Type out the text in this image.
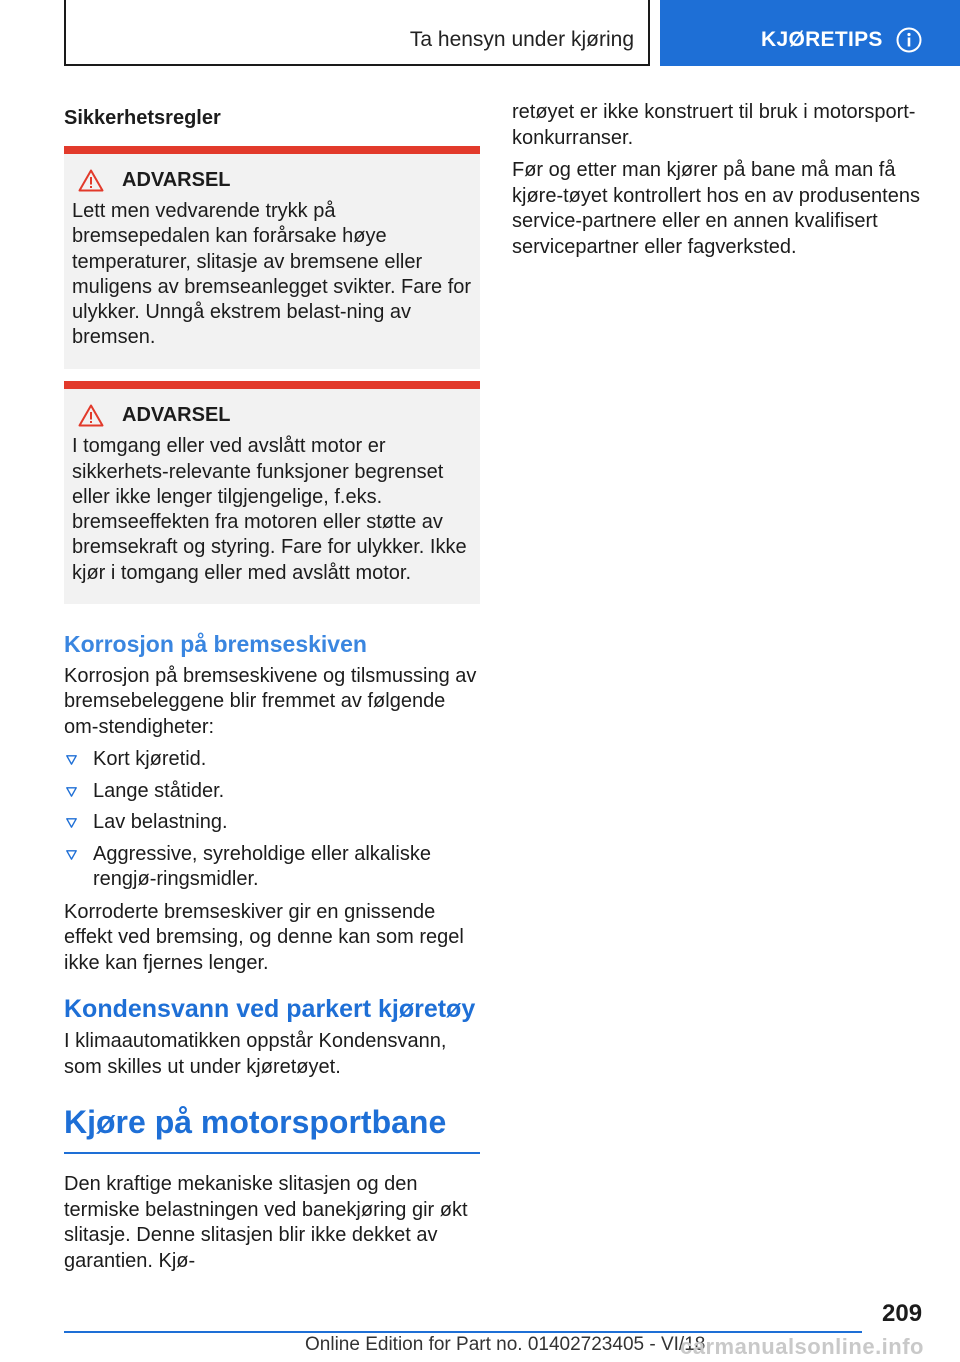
Ta hensyn under kjøring	KJØRETIPS
Sikkerhetsregler
ADVARSEL
Lett men vedvarende trykk på bremsepedalen kan forårsake høye temperaturer, slitasje av bremsene eller muligens av bremseanlegget svikter. Fare for ulykker. Unngå ekstrem belast-ning av bremsen.
ADVARSEL
I tomgang eller ved avslått motor er sikkerhets-relevante funksjoner begrenset eller ikke lenger tilgjengelige, f.eks. bremseeffekten fra motoren eller støtte av bremsekraft og styring. Fare for ulykker. Ikke kjør i tomgang eller med avslått motor.
Korrosjon på bremseskiven

Korrosjon på bremseskivene og tilsmussing av bremsebeleggene blir fremmet av følgende om-stendigheter:

Kort kjøretid.
Lange ståtider.
Lav belastning.
Aggressive, syreholdige eller alkaliske rengjø-ringsmidler.

Korroderte bremseskiver gir en gnissende effekt ved bremsing, og denne kan som regel ikke kan fjernes lenger.

Kondensvann ved parkert kjøretøy

I klimaautomatikken oppstår Kondensvann, som skilles ut under kjøretøyet.

Kjøre på motorsportbane

Den kraftige mekaniske slitasjen og den termiske belastningen ved banekjøring gir økt slitasje. Denne slitasjen blir ikke dekket av garantien. Kjø-

retøyet er ikke konstruert til bruk i motorsport-konkurranser.

Før og etter man kjører på bane må man få kjøre-tøyet kontrollert hos en av produsentens service-partnere eller en annen kvalifisert servicepartner eller fagverksted.

209
Online Edition for Part no. 01402723405 - VI/18
carmanualsonline.info
